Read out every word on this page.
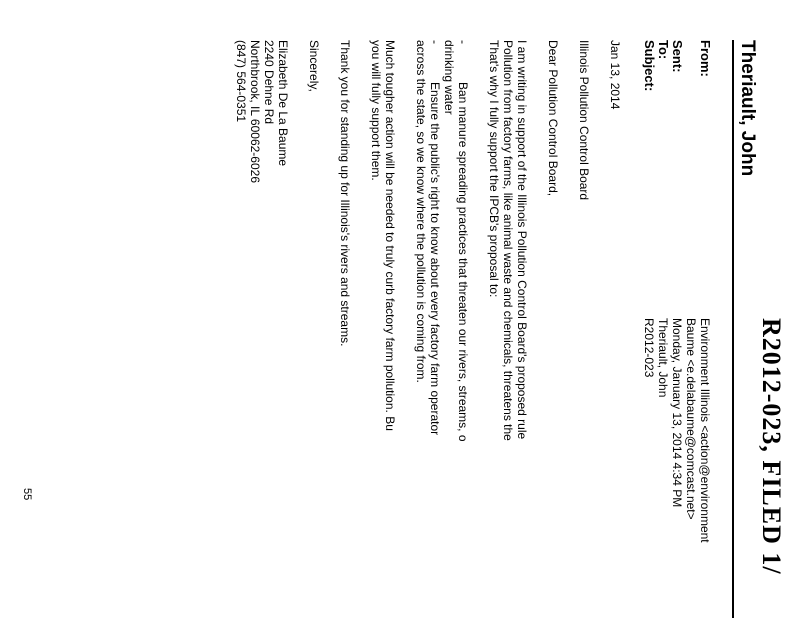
R2012-023, FILED 1/
Theriault, John
From:
Sent:
To:
Subject:
Environment Illinois <action@environment
Baume <e.delabaume@comcast.net>
Monday, January 13, 2014 4:34 PM
Theriault, John
R2012-023
Jan 13, 2014
Illinois Pollution Control Board
Dear Pollution Control Board,
I am writing in support of the Illinois Pollution Control Board's proposed rule
Pollution from factory farms, like animal waste and chemicals, threatens the
That's why I fully support the IPCB's proposal to:
-
Ban manure spreading practices that threaten our rivers, streams, o
drinking water
-
Ensure the public's right to know about every factory farm operator
across the state, so we know where the pollution is coming from.
Much tougher action will be needed to truly curb factory farm pollution. Bu
you will fully support them.
Thank you for standing up for Illinois's rivers and streams.
Sincerely,
Elizabeth De La Baume
2240 Dehne Rd
Northbrook, IL 60062-6026
(847) 564-0351
55
